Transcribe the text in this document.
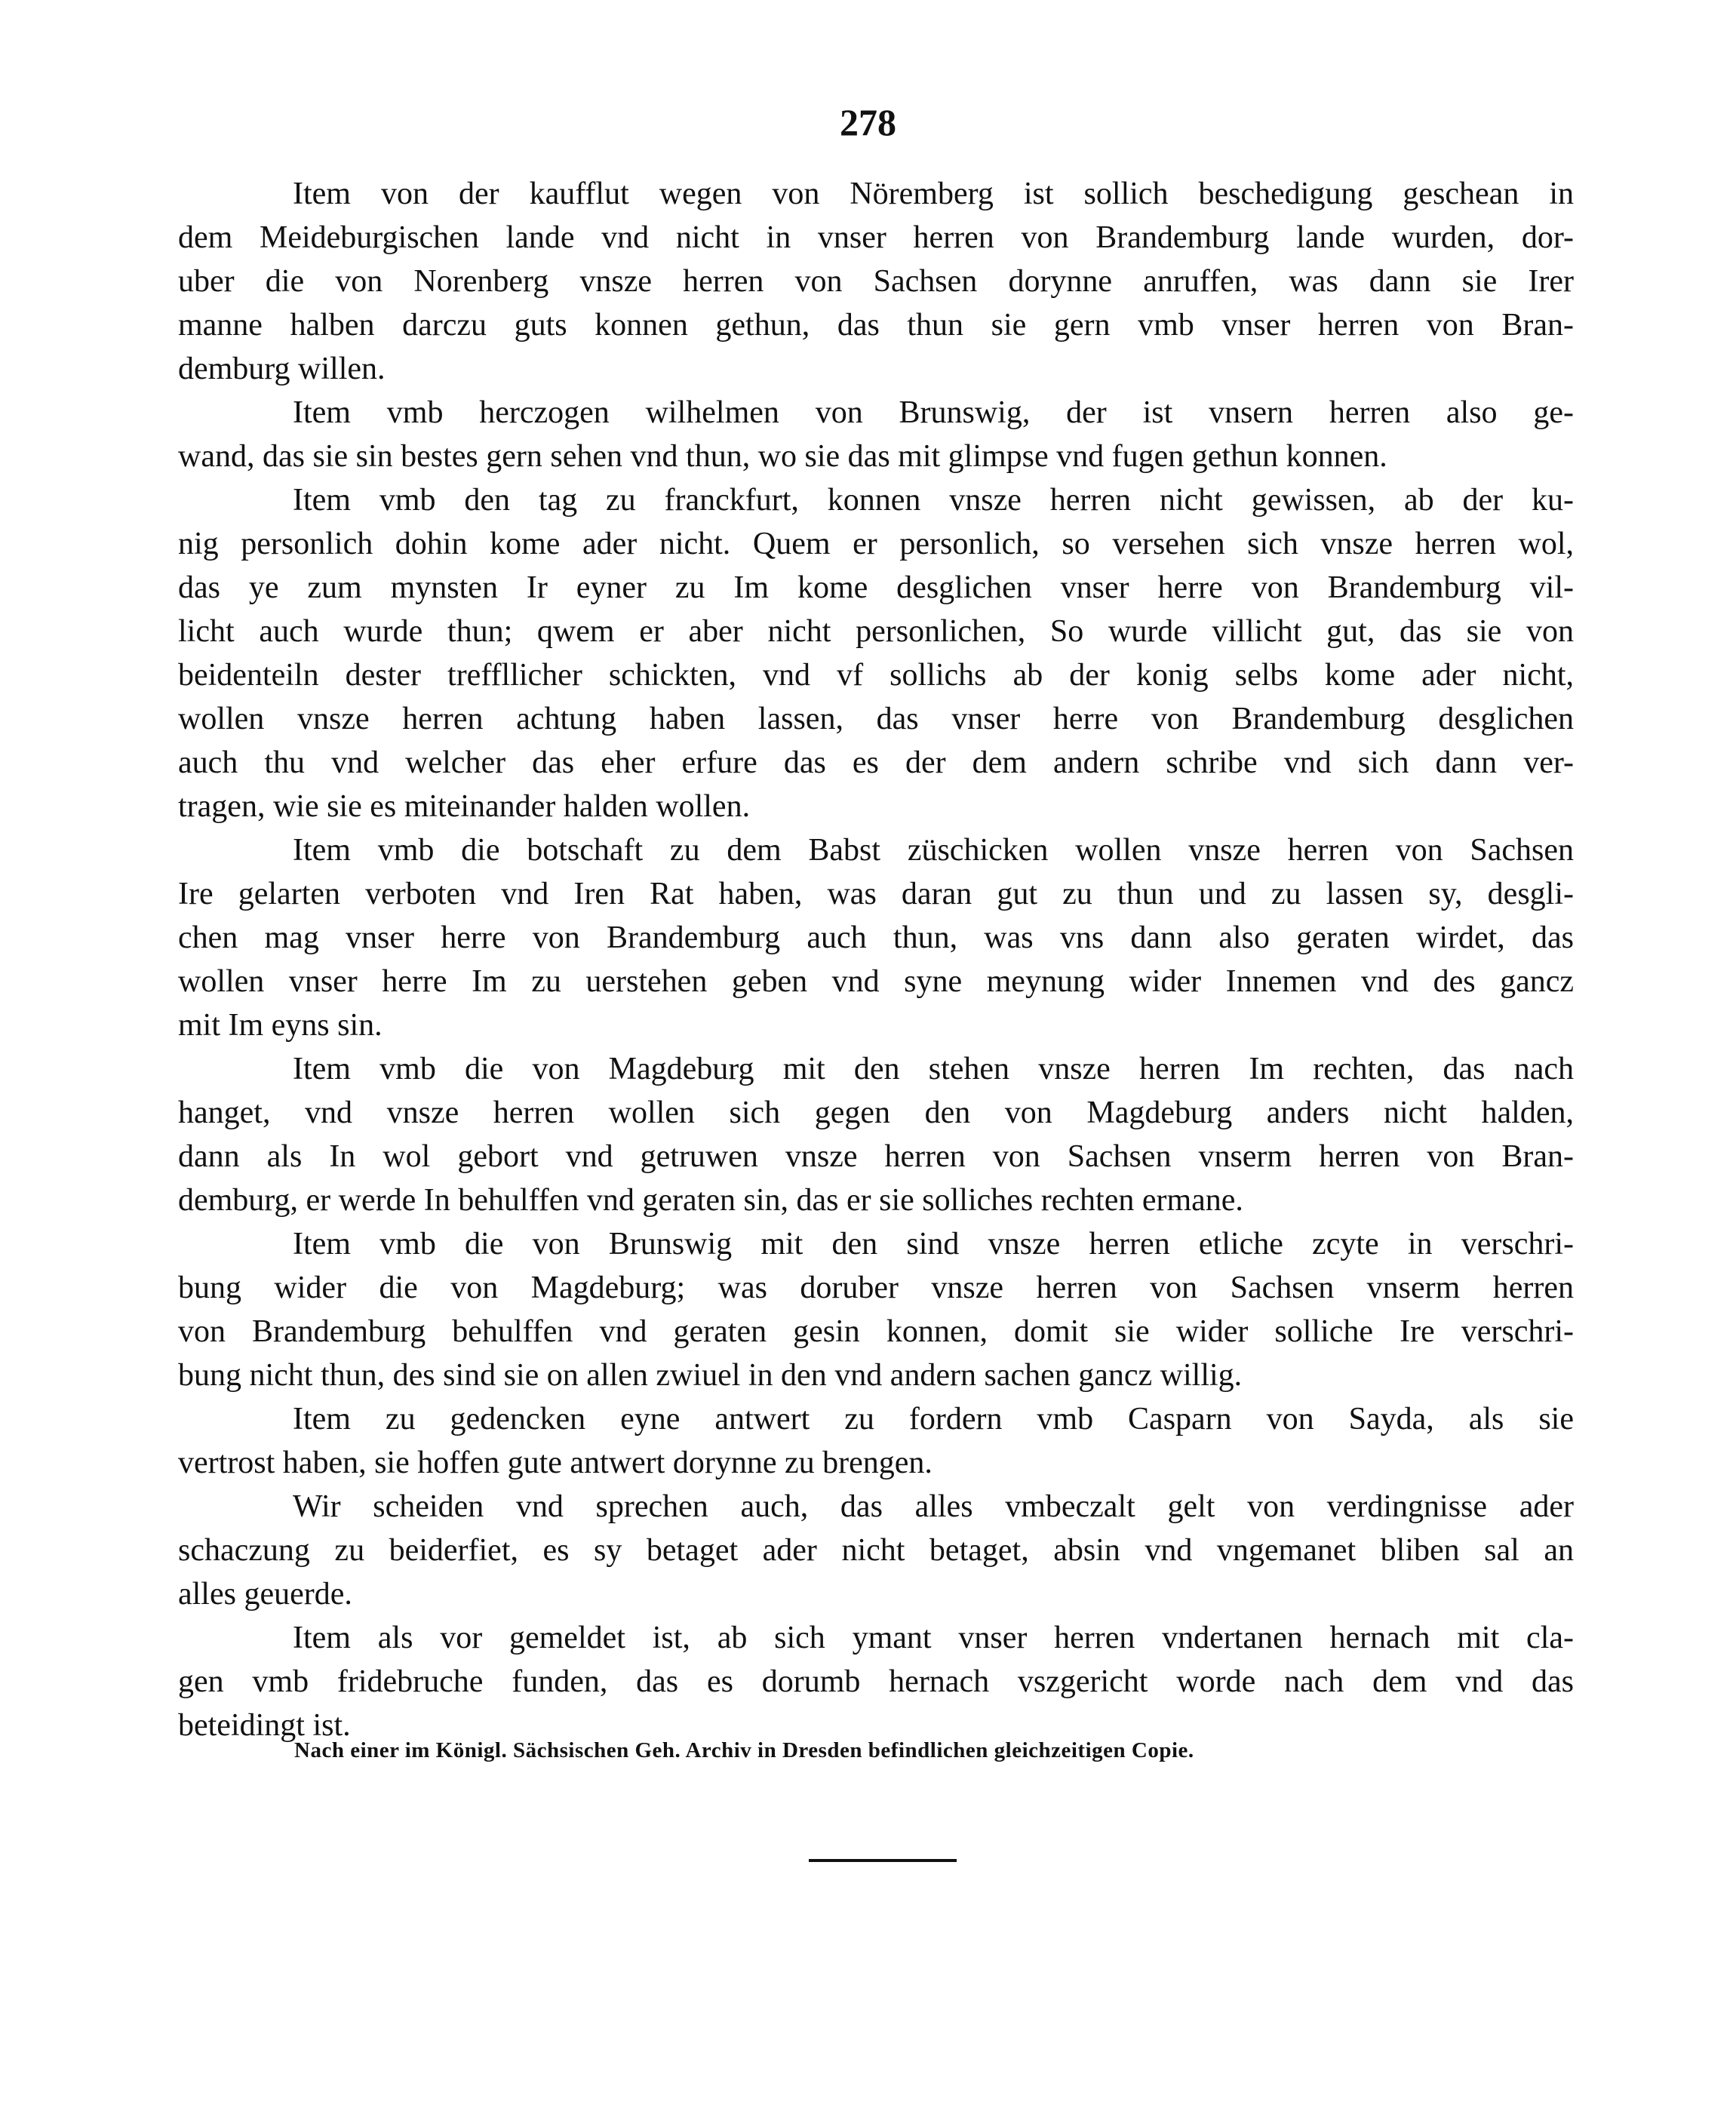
278
Item von der kaufflut wegen von Nöremberg ist sollich beschedigung geschean in
dem Meideburgischen lande vnd nicht in vnser herren von Brandemburg lande wurden, dor-
uber die von Norenberg vnsze herren von Sachsen dorynne anruffen, was dann sie Irer
manne halben darczu guts konnen gethun, das thun sie gern vmb vnser herren von Bran-
demburg willen.
Item vmb herczogen wilhelmen von Brunswig, der ist vnsern herren also ge-
wand, das sie sin bestes gern sehen vnd thun, wo sie das mit glimpse vnd fugen gethun konnen.
Item vmb den tag zu franckfurt, konnen vnsze herren nicht gewissen, ab der ku-
nig personlich dohin kome ader nicht. Quem er personlich, so versehen sich vnsze herren wol,
das ye zum mynsten Ir eyner zu Im kome desglichen vnser herre von Brandemburg vil-
licht auch wurde thun; qwem er aber nicht personlichen, So wurde villicht gut, das sie von
beidenteiln dester treffllicher schickten, vnd vf sollichs ab der konig selbs kome ader nicht,
wollen vnsze herren achtung haben lassen, das vnser herre von Brandemburg desglichen
auch thu vnd welcher das eher erfure das es der dem andern schribe vnd sich dann ver-
tragen, wie sie es miteinander halden wollen.
Item vmb die botschaft zu dem Babst züschicken wollen vnsze herren von Sachsen
Ire gelarten verboten vnd Iren Rat haben, was daran gut zu thun und zu lassen sy, desgli-
chen mag vnser herre von Brandemburg auch thun, was vns dann also geraten wirdet, das
wollen vnser herre Im zu uerstehen geben vnd syne meynung wider Innemen vnd des gancz
mit Im eyns sin.
Item vmb die von Magdeburg mit den stehen vnsze herren Im rechten, das nach
hanget, vnd vnsze herren wollen sich gegen den von Magdeburg anders nicht halden,
dann als In wol gebort vnd getruwen vnsze herren von Sachsen vnserm herren von Bran-
demburg, er werde In behulffen vnd geraten sin, das er sie solliches rechten ermane.
Item vmb die von Brunswig mit den sind vnsze herren etliche zcyte in verschri-
bung wider die von Magdeburg; was doruber vnsze herren von Sachsen vnserm herren
von Brandemburg behulffen vnd geraten gesin konnen, domit sie wider solliche Ire verschri-
bung nicht thun, des sind sie on allen zwiuel in den vnd andern sachen gancz willig.
Item zu gedencken eyne antwert zu fordern vmb Casparn von Sayda, als sie
vertrost haben, sie hoffen gute antwert dorynne zu brengen.
Wir scheiden vnd sprechen auch, das alles vmbeczalt gelt von verdingnisse ader
schaczung zu beiderfiet, es sy betaget ader nicht betaget, absin vnd vngemanet bliben sal an
alles geuerde.
Item als vor gemeldet ist, ab sich ymant vnser herren vndertanen hernach mit cla-
gen vmb fridebruche funden, das es dorumb hernach vszgericht worde nach dem vnd das
beteidingt ist.
Nach einer im Königl. Sächsischen Geh. Archiv in Dresden befindlichen gleichzeitigen Copie.
